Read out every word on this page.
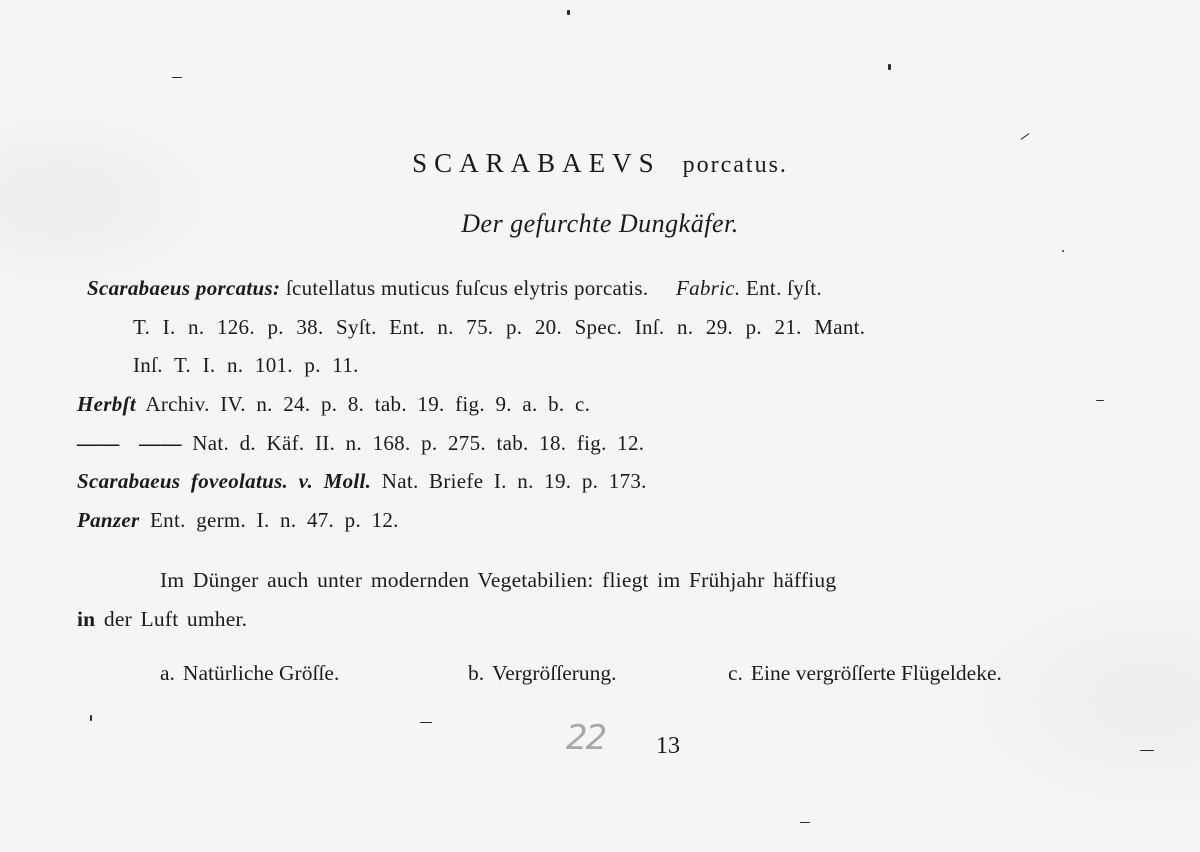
SCARABAEVS porcatus.
Der gefurchte Dungkäfer.
Scarabaeus porcatus: ſcutellatus muticus fuſcus elytris porcatis. Fabric. Ent. ſyſt.
T. I. n. 126. p. 38. Syſt. Ent. n. 75. p. 20. Spec. Inſ. n. 29. p. 21. Mant.
Inſ. T. I. n. 101. p. 11.
Herbſt Archiv. IV. n. 24. p. 8. tab. 19. fig. 9. a. b. c.
—— —— Nat. d. Käf. II. n. 168. p. 275. tab. 18. fig. 12.
Scarabaeus foveolatus. v. Moll. Nat. Briefe I. n. 19. p. 173.
Panzer Ent. germ. I. n. 47. p. 12.
Im Dünger auch unter modernden Vegetabilien: fliegt im Frühjahr häffiug
in der Luft umher.
a. Natürliche Gröſſe.	b. Vergröſſerung.	c. Eine vergröſſerte Flügeldeke.
22 13
